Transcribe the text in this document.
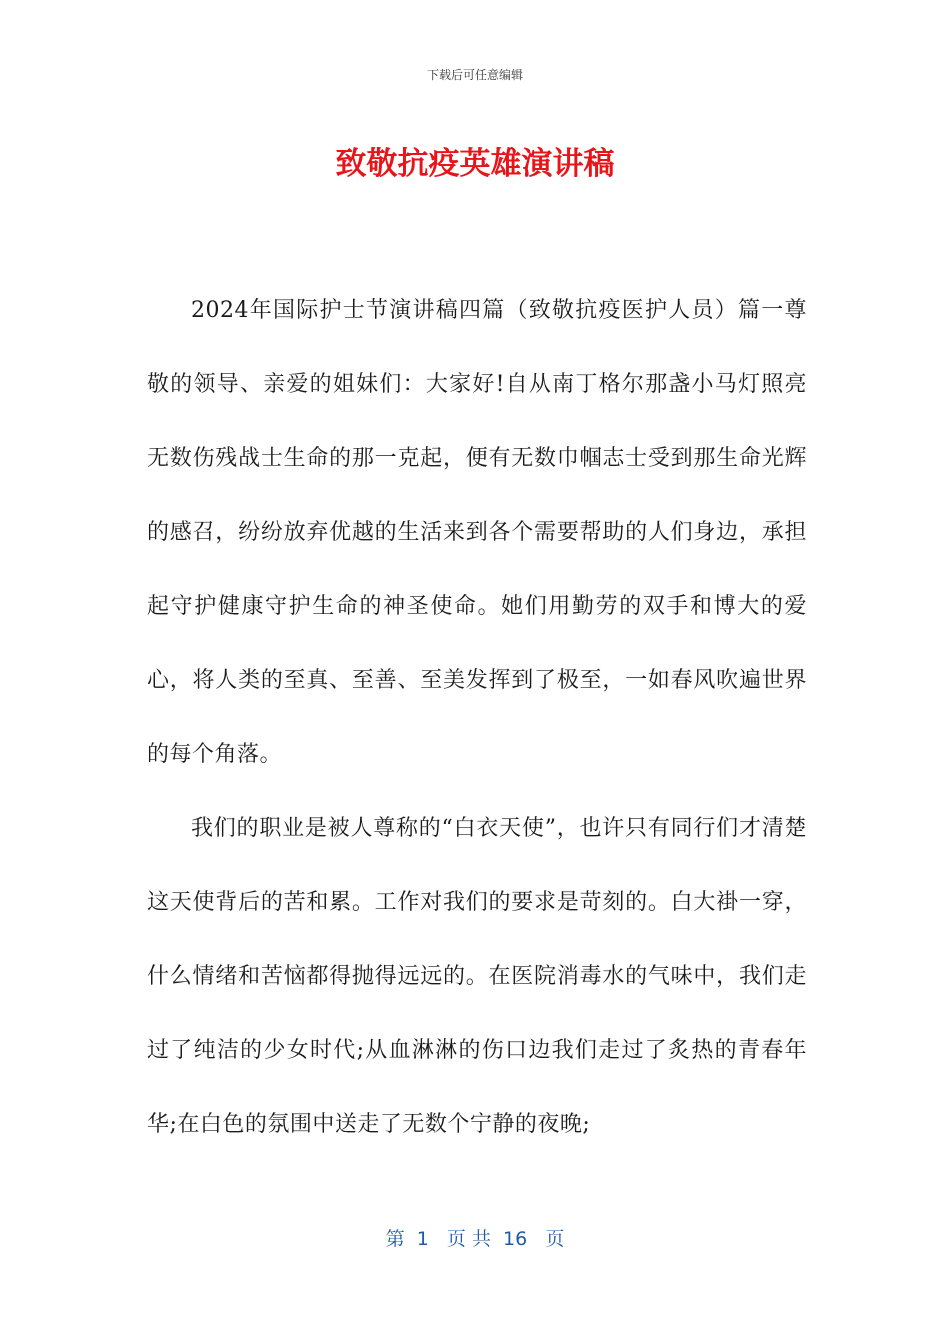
下载后可任意编辑
致敬抗疫英雄演讲稿

2024年国际护士节演讲稿四篇（致敬抗疫医护人员）篇一尊敬的领导、亲爱的姐妹们：大家好!自从南丁格尔那盏小马灯照亮无数伤残战士生命的那一克起，便有无数巾帼志士受到那生命光辉的感召，纷纷放弃优越的生活来到各个需要帮助的人们身边，承担起守护健康守护生命的神圣使命。她们用勤劳的双手和博大的爱心，将人类的至真、至善、至美发挥到了极至，一如春风吹遍世界的每个角落。

我们的职业是被人尊称的“白衣天使”，也许只有同行们才清楚这天使背后的苦和累。工作对我们的要求是苛刻的。白大褂一穿，什么情绪和苦恼都得抛得远远的。在医院消毒水的气味中，我们走过了纯洁的少女时代;从血淋淋的伤口边我们走过了炙热的青春年华;在白色的氛围中送走了无数个宁静的夜晚;

第  1   页 共  16   页
